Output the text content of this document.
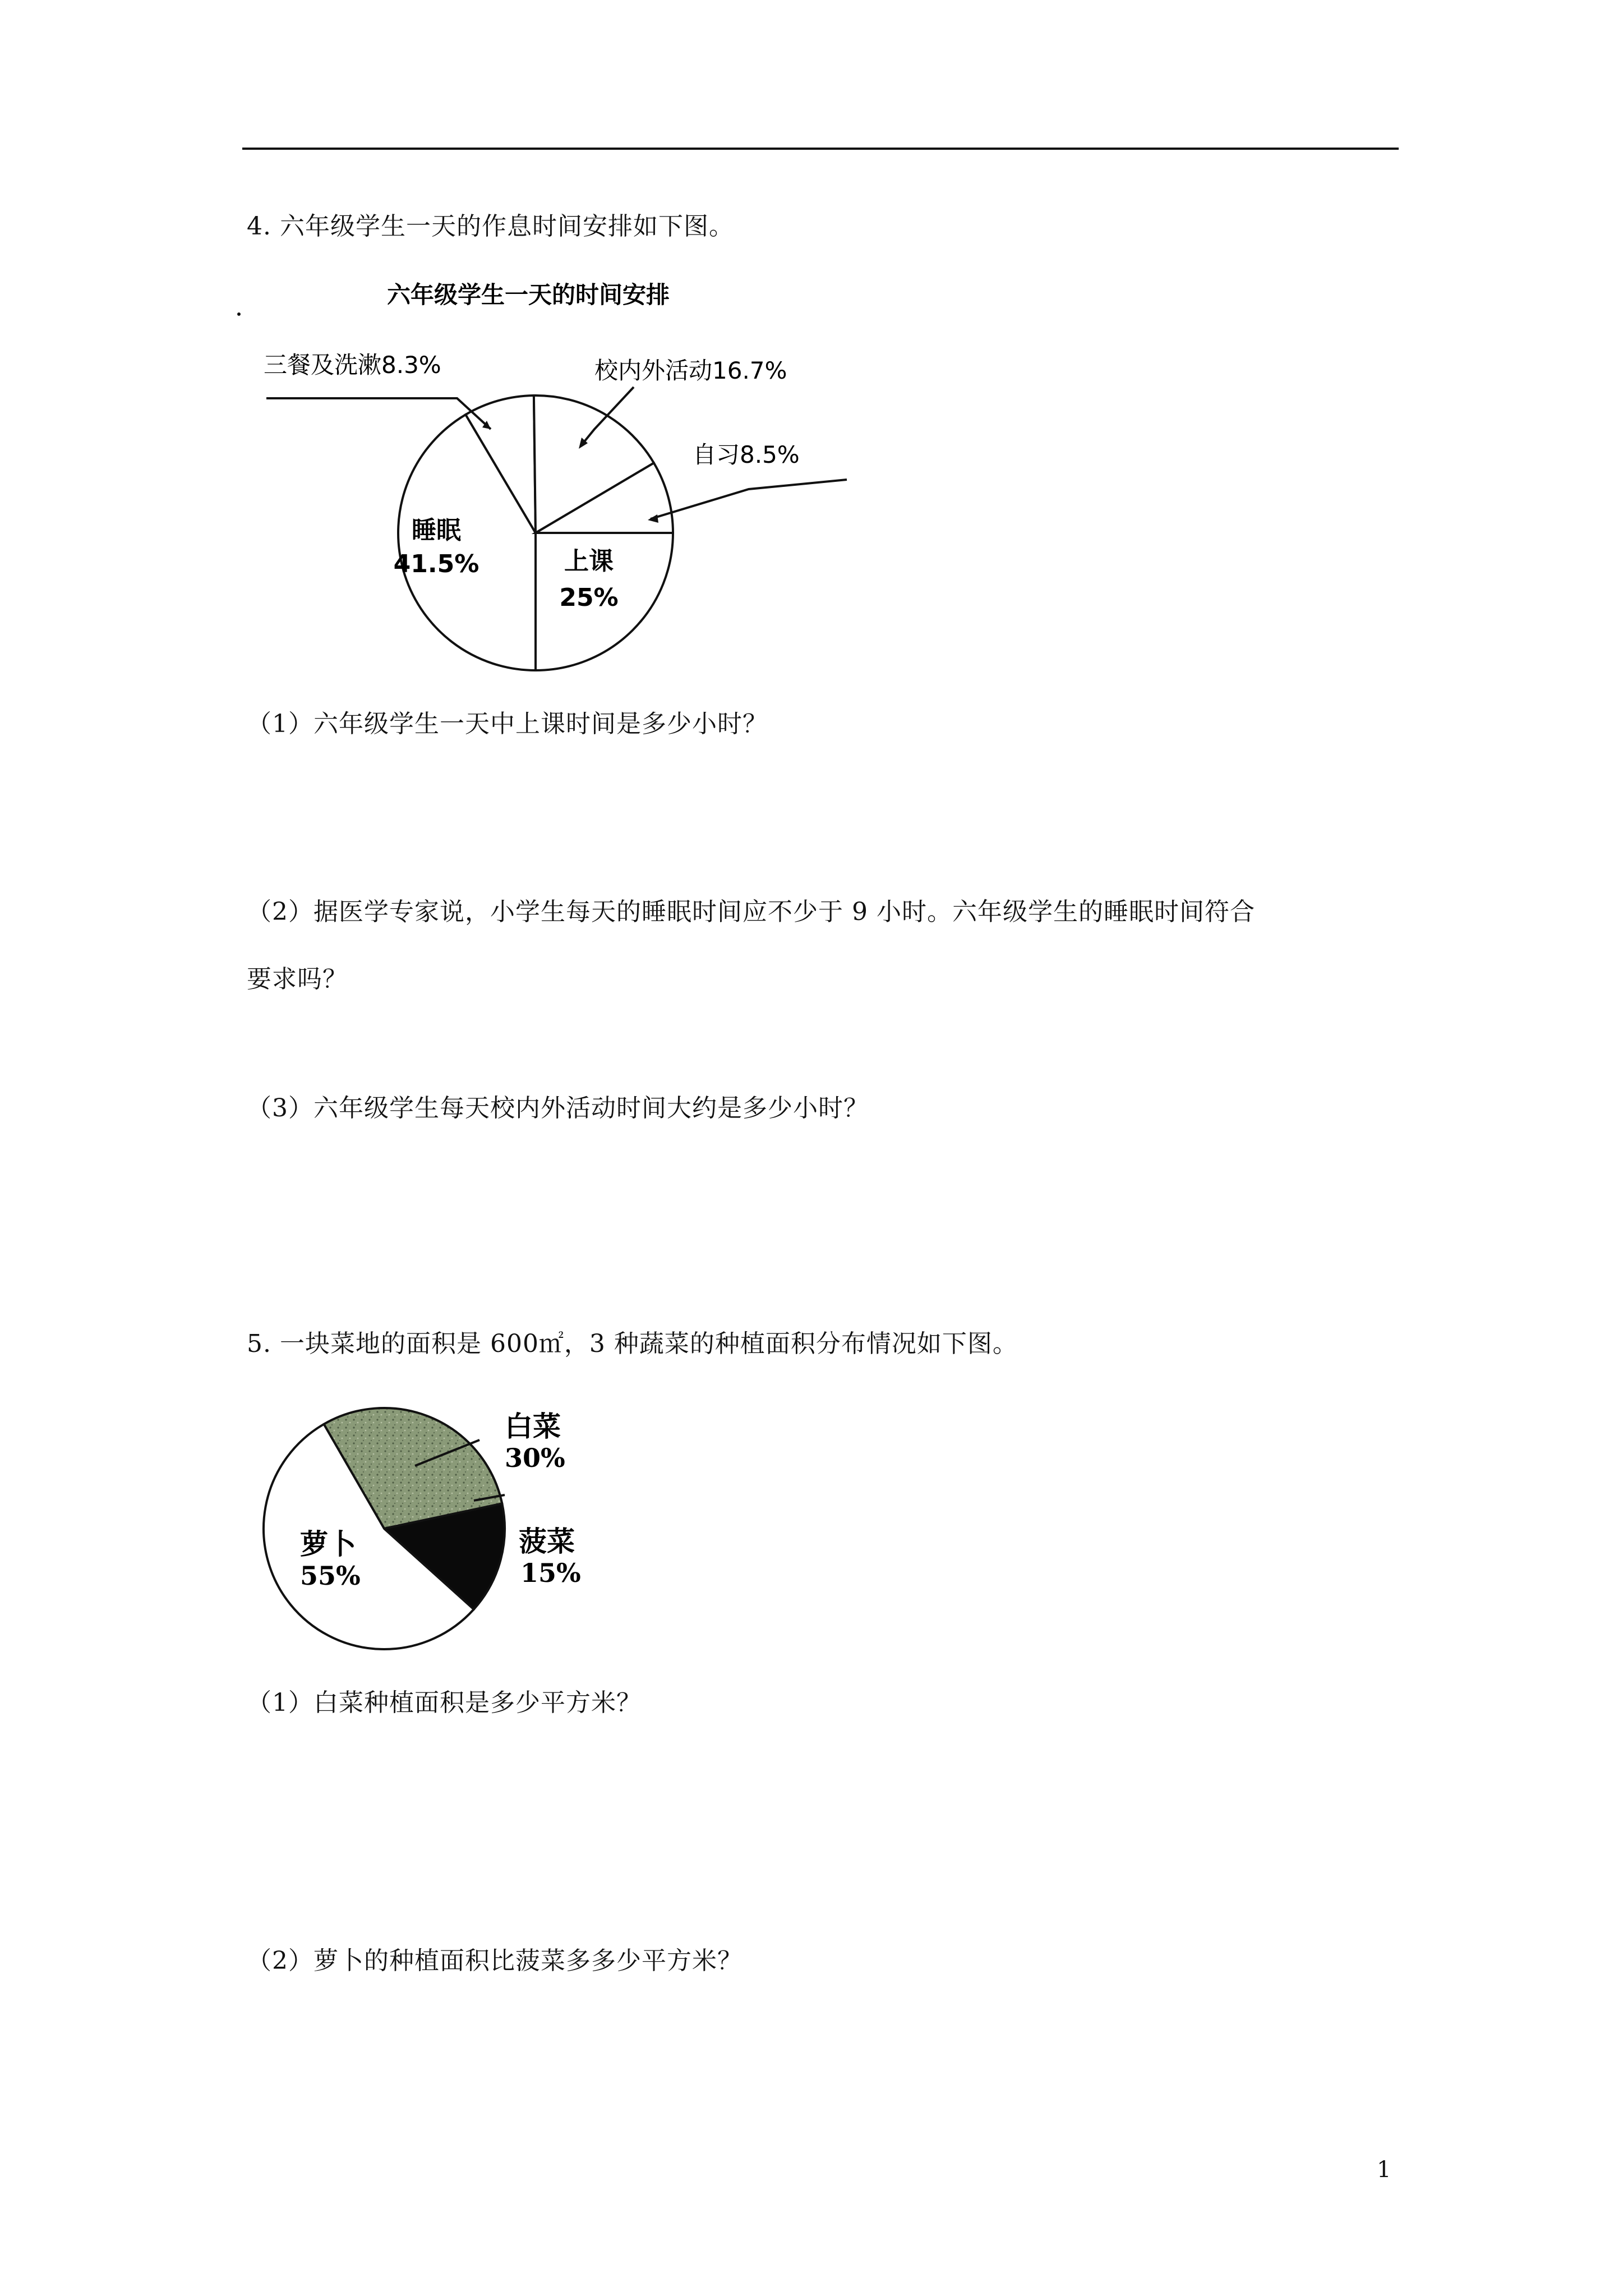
4. 六年级学生一天的作息时间安排如下图。
六年级学生一天的时间安排
三餐及洗漱8.3%	校内外活动16.7%
自习8.5%
睡眠
41.5%	上课
25%
（1）六年级学生一天中上课时间是多少小时？
（2）据医学专家说，小学生每天的睡眠时间应不少于 9 小时。六年级学生的睡眠时间符合
要求吗？
（3）六年级学生每天校内外活动时间大约是多少小时？
5. 一块菜地的面积是 600㎡，3 种蔬菜的种植面积分布情况如下图。
白菜
30%
菠菜
15%
萝卜
55%
（1）白菜种植面积是多少平方米？
（2）萝卜的种植面积比菠菜多多少平方米？
1
